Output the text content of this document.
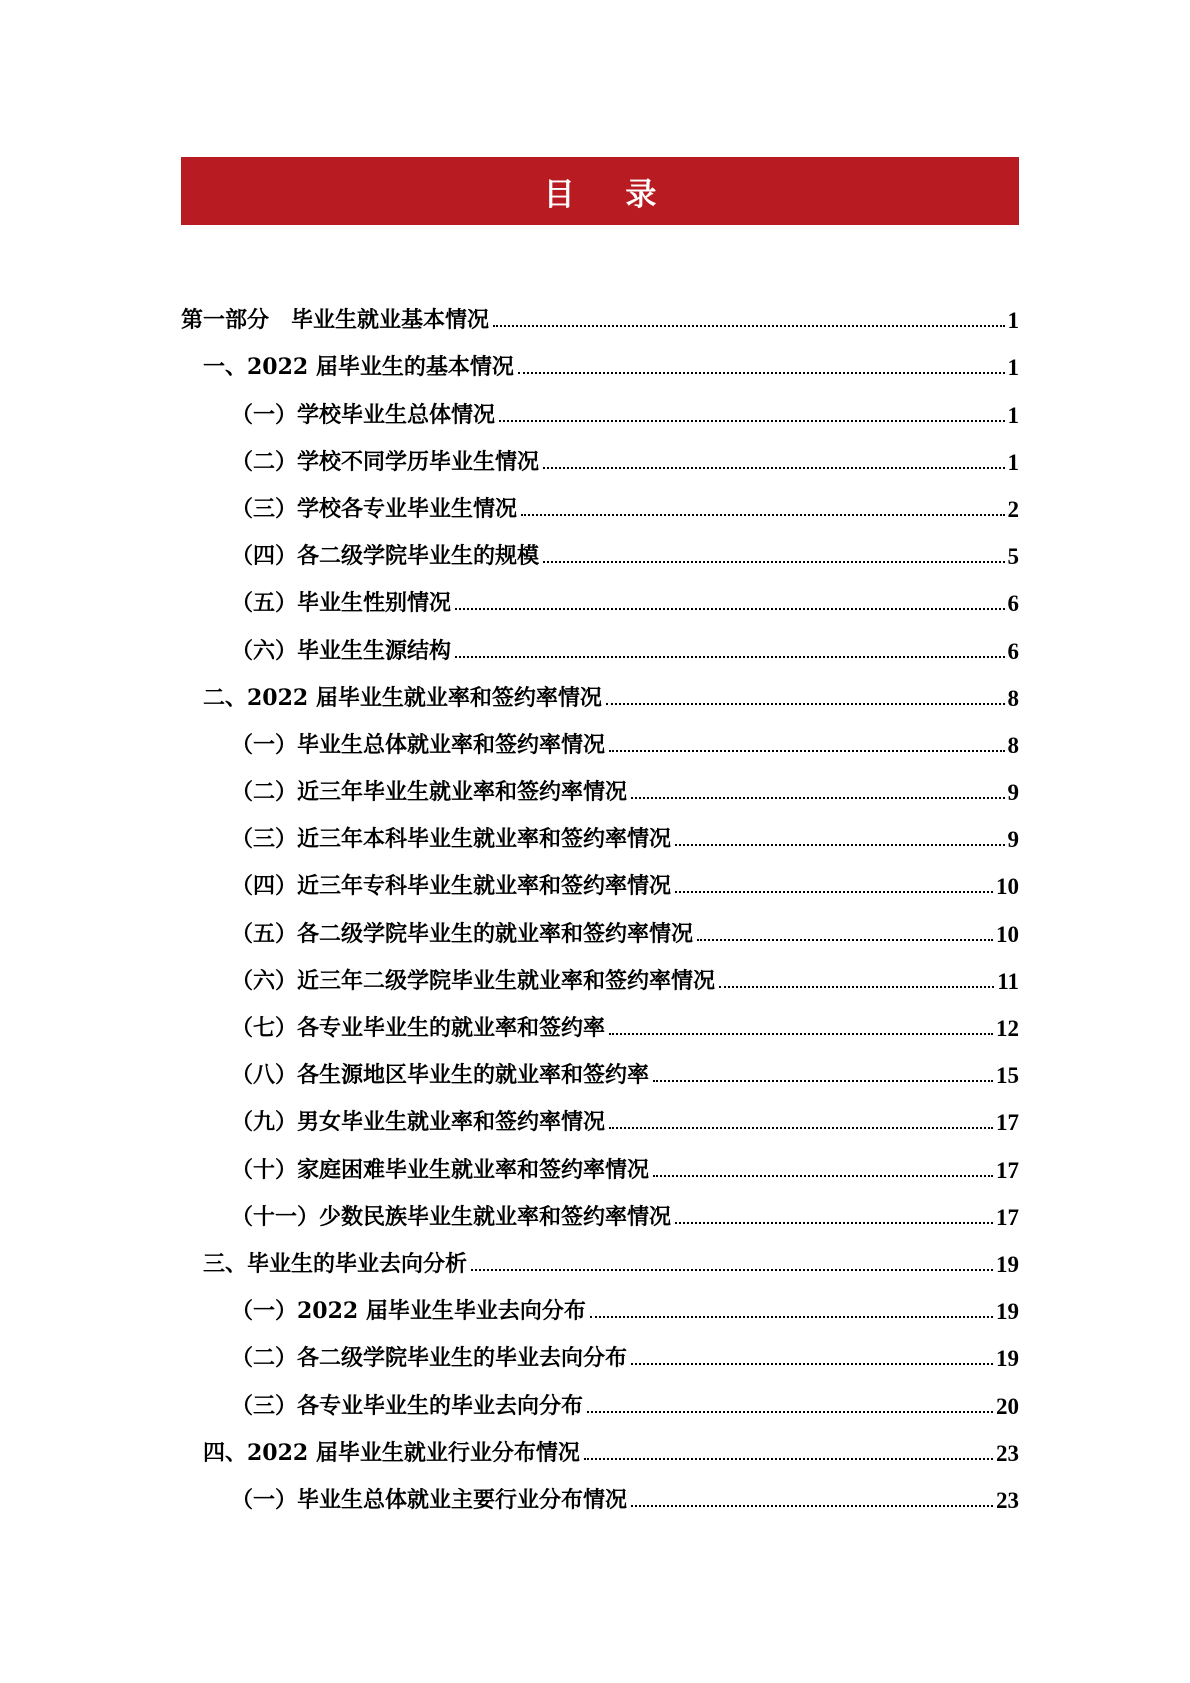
目 录
第一部分　毕业生就业基本情况	1
一、2022 届毕业生的基本情况	1
（一）学校毕业生总体情况	1
（二）学校不同学历毕业生情况	1
（三）学校各专业毕业生情况	2
（四）各二级学院毕业生的规模	5
（五）毕业生性别情况	6
（六）毕业生生源结构	6
二、2022 届毕业生就业率和签约率情况	8
（一）毕业生总体就业率和签约率情况	8
（二）近三年毕业生就业率和签约率情况	9
（三）近三年本科毕业生就业率和签约率情况	9
（四）近三年专科毕业生就业率和签约率情况	10
（五）各二级学院毕业生的就业率和签约率情况	10
（六）近三年二级学院毕业生就业率和签约率情况	11
（七）各专业毕业生的就业率和签约率	12
（八）各生源地区毕业生的就业率和签约率	15
（九）男女毕业生就业率和签约率情况	17
（十）家庭困难毕业生就业率和签约率情况	17
（十一）少数民族毕业生就业率和签约率情况	17
三、毕业生的毕业去向分析	19
（一）2022 届毕业生毕业去向分布	19
（二）各二级学院毕业生的毕业去向分布	19
（三）各专业毕业生的毕业去向分布	20
四、2022 届毕业生就业行业分布情况	23
（一）毕业生总体就业主要行业分布情况	23
